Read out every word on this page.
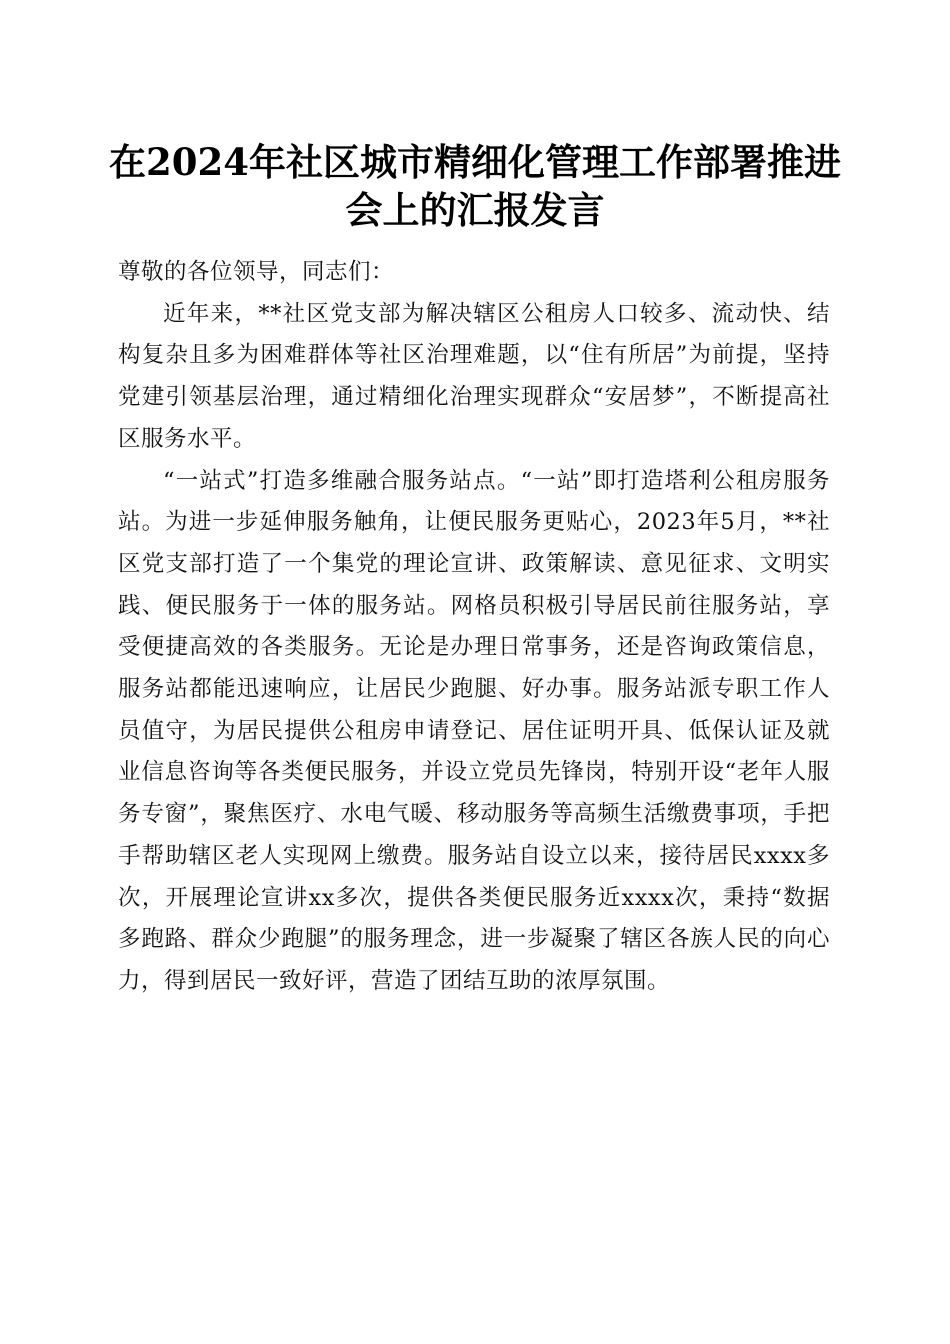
在2024年社区城市精细化管理工作部署推进
会上的汇报发言

尊敬的各位领导，同志们：

近年来，**社区党支部为解决辖区公租房人口较多、流动快、结构复杂且多为困难群体等社区治理难题，以“住有所居”为前提，坚持党建引领基层治理，通过精细化治理实现群众“安居梦”，不断提高社区服务水平。

“一站式”打造多维融合服务站点。“一站”即打造塔利公租房服务站。为进一步延伸服务触角，让便民服务更贴心，2023年5月，**社区党支部打造了一个集党的理论宣讲、政策解读、意见征求、文明实践、便民服务于一体的服务站。网格员积极引导居民前往服务站，享受便捷高效的各类服务。无论是办理日常事务，还是咨询政策信息，服务站都能迅速响应，让居民少跑腿、好办事。服务站派专职工作人员值守，为居民提供公租房申请登记、居住证明开具、低保认证及就业信息咨询等各类便民服务，并设立党员先锋岗，特别开设“老年人服务专窗”，聚焦医疗、水电气暖、移动服务等高频生活缴费事项，手把手帮助辖区老人实现网上缴费。服务站自设立以来，接待居民xxxx多次，开展理论宣讲xx多次，提供各类便民服务近xxxx次，秉持“数据多跑路、群众少跑腿”的服务理念，进一步凝聚了辖区各族人民的向心力，得到居民一致好评，营造了团结互助的浓厚氛围。
